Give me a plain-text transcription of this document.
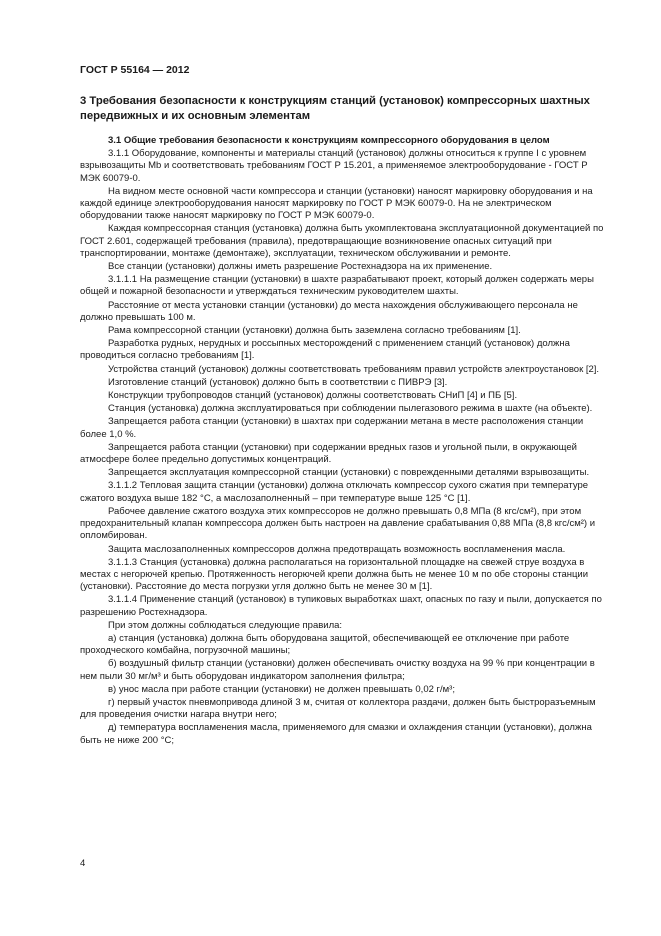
ГОСТ Р 55164 — 2012
3 Требования безопасности к конструкциям станций (установок) компрессорных шахтных передвижных и их основным элементам
3.1 Общие требования безопасности к конструкциям компрессорного оборудования в целом
3.1.1 Оборудование, компоненты и материалы станций (установок) должны относиться к группе I с уровнем взрывозащиты Mb и соответствовать требованиям ГОСТ Р 15.201, а применяемое электрооборудование - ГОСТ Р МЭК 60079-0.
На видном месте основной части компрессора и станции (установки) наносят маркировку оборудования и на каждой единице электрооборудования наносят маркировку по ГОСТ Р МЭК 60079-0. На не электрическом оборудовании также наносят маркировку по ГОСТ Р МЭК 60079-0.
Каждая компрессорная станция (установка) должна быть укомплектована эксплуатационной документацией по ГОСТ 2.601, содержащей требования (правила), предотвращающие возникновение опасных ситуаций при транспортировании, монтаже (демонтаже), эксплуатации, техническом обслуживании и ремонте.
Все станции (установки) должны иметь разрешение Ростехнадзора на их применение.
3.1.1.1 На размещение станции (установки) в шахте разрабатывают проект, который должен содержать меры общей и пожарной безопасности и утверждаться техническим руководителем шахты.
Расстояние от места установки станции (установки) до места нахождения обслуживающего персонала не должно превышать 100 м.
Рама компрессорной станции (установки) должна быть заземлена согласно требованиям [1].
Разработка рудных, нерудных и россыпных месторождений с применением станций (установок) должна проводиться согласно требованиям [1].
Устройства станций (установок) должны соответствовать требованиям правил устройств электроустановок [2].
Изготовление станций (установок) должно быть в соответствии с ПИВРЭ [3].
Конструкции трубопроводов станций (установок) должны соответствовать СНиП [4] и ПБ [5].
Станция (установка) должна эксплуатироваться при соблюдении пылегазового режима в шахте (на объекте).
Запрещается работа станции (установки) в шахтах при содержании метана в месте расположения станции более 1,0 %.
Запрещается работа станции (установки) при содержании вредных газов и угольной пыли, в окружающей атмосфере более предельно допустимых концентраций.
Запрещается эксплуатация компрессорной станции (установки) с поврежденными деталями взрывозащиты.
3.1.1.2 Тепловая защита станции (установки) должна отключать компрессор сухого сжатия при температуре сжатого воздуха выше 182 °С, а маслозаполненный – при температуре выше 125 °С [1].
Рабочее давление сжатого воздуха этих компрессоров не должно превышать 0,8 МПа (8 кгс/см²), при этом предохранительный клапан компрессора должен быть настроен на давление срабатывания 0,88 МПа (8,8 кгс/см²) и опломбирован.
Защита маслозаполненных компрессоров должна предотвращать возможность воспламенения масла.
3.1.1.3 Станция (установка) должна располагаться на горизонтальной площадке на свежей струе воздуха в местах с негорючей крепью. Протяженность негорючей крепи должна быть не менее 10 м по обе стороны станции (установки). Расстояние до места погрузки угля должно быть не менее 30 м [1].
3.1.1.4 Применение станций (установок) в тупиковых выработках шахт, опасных по газу и пыли, допускается по разрешению Ростехнадзора.
При этом должны соблюдаться следующие правила:
а) станция (установка) должна быть оборудована защитой, обеспечивающей ее отключение при работе проходческого комбайна, погрузочной машины;
б) воздушный фильтр станции (установки) должен обеспечивать очистку воздуха на 99 % при концентрации в нем пыли 30 мг/м³ и быть оборудован индикатором заполнения фильтра;
в) унос масла при работе станции (установки) не должен превышать 0,02 г/м³;
г) первый участок пневмопривода длиной 3 м, считая от коллектора раздачи, должен быть быстроразъемным для проведения очистки нагара внутри него;
д) температура воспламенения масла, применяемого для смазки и охлаждения станции (установки), должна быть не ниже 200 °С;
4
